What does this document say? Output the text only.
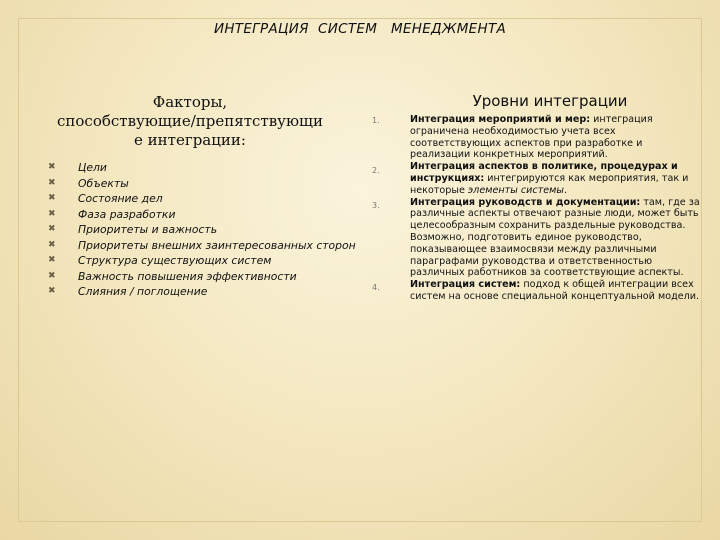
ИНТЕГРАЦИЯ  СИСТЕМ   МЕНЕДЖМЕНТА
Факторы,
способствующие/препятствующи
е интеграции:
✖ Цели
✖ Объекты
✖ Состояние дел
✖ Фаза разработки
✖ Приоритеты и важность
✖ Приоритеты внешних заинтересованных сторон
✖ Структура существующих систем
✖ Важность повышения эффективности
✖ Слияния / поглощение
Уровни интеграции
1.	Интеграция мероприятий и мер: интеграция ограничена необходимостью учета всех соответствующих аспектов при разработке и реализации конкретных мероприятий.
2.	Интеграция аспектов в политике, процедурах и инструкциях: интегрируются как мероприятия, так и некоторые элементы системы.
3.	Интеграция руководств и документации: там, где за различные аспекты отвечают разные люди, может быть целесообразным сохранить раздельные руководства. Возможно, подготовить единое руководство, показывающее взаимосвязи между различными параграфами руководства и ответственностью различных работников за соответствующие аспекты.
4.	Интеграция систем: подход к общей интеграции всех систем на основе специальной концептуальной модели.
